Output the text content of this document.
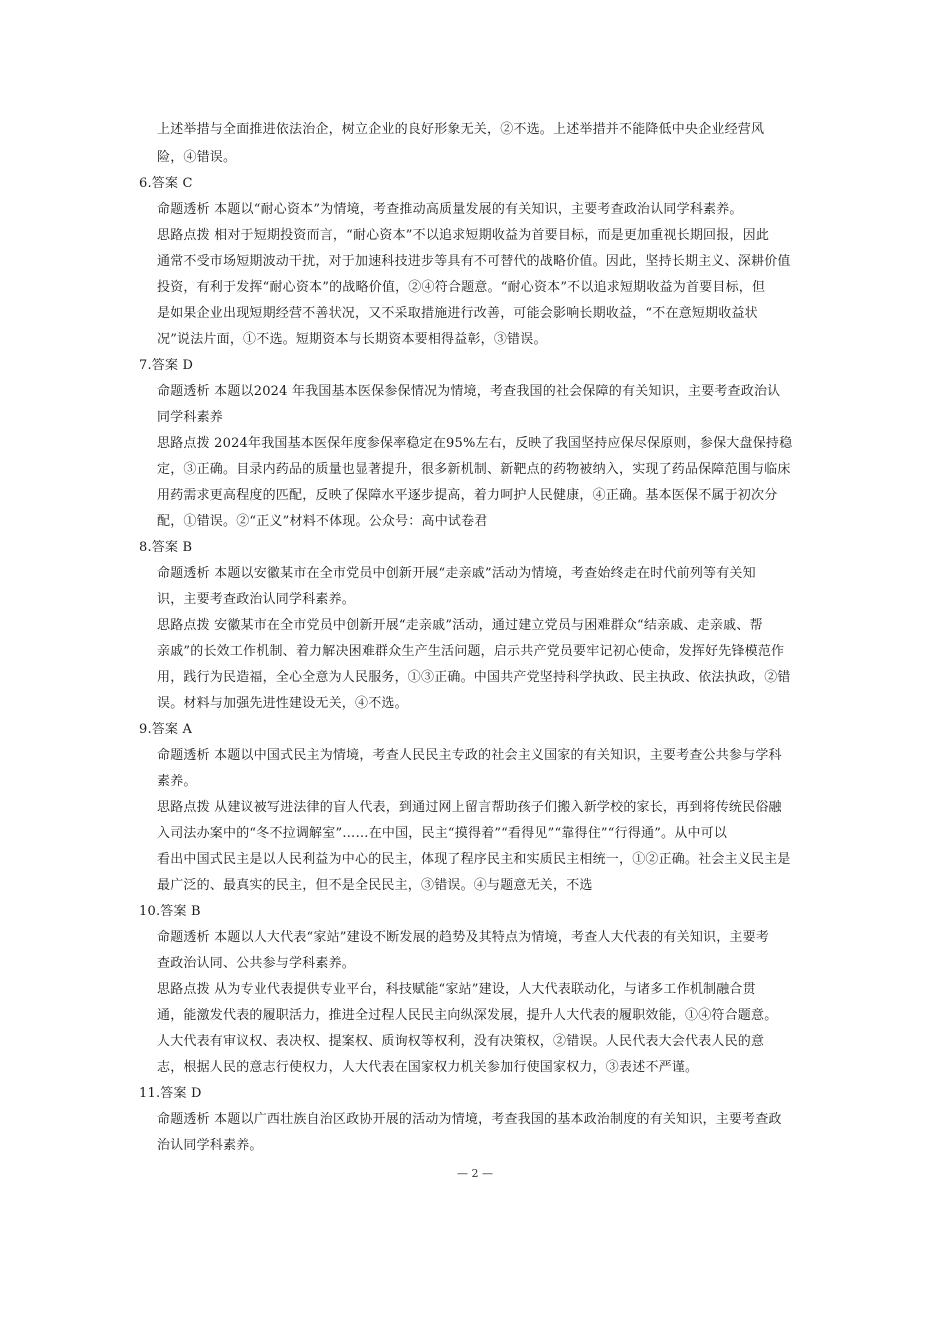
上述举措与全面推进依法治企，树立企业的良好形象无关，②不选。上述举措并不能降低中央企业经营风
险，④错误。
6.答案 C
命题透析 本题以“耐心资本”为情境，考查推动高质量发展的有关知识，主要考查政治认同学科素养。
思路点拨 相对于短期投资而言，“耐心资本”不以追求短期收益为首要目标，而是更加重视长期回报，因此
通常不受市场短期波动干扰，对于加速科技进步等具有不可替代的战略价值。因此，坚持长期主义、深耕价值
投资，有利于发挥“耐心资本”的战略价值，②④符合题意。“耐心资本”不以追求短期收益为首要目标，但
是如果企业出现短期经营不善状况，又不采取措施进行改善，可能会影响长期收益，“不在意短期收益状
况”说法片面，①不选。短期资本与长期资本要相得益彰，③错误。
7.答案 D
命题透析 本题以2024 年我国基本医保参保情况为情境，考查我国的社会保障的有关知识，主要考查政治认
同学科素养
思路点拨 2024年我国基本医保年度参保率稳定在95%左右，反映了我国坚持应保尽保原则，参保大盘保持稳
定，③正确。目录内药品的质量也显著提升，很多新机制、新靶点的药物被纳入，实现了药品保障范围与临床
用药需求更高程度的匹配，反映了保障水平逐步提高，着力呵护人民健康，④正确。基本医保不属于初次分
配，①错误。②“正义”材料不体现。公众号：高中试卷君
8.答案 B
命题透析 本题以安徽某市在全市党员中创新开展“走亲戚”活动为情境，考查始终走在时代前列等有关知
识，主要考查政治认同学科素养。
思路点拨 安徽某市在全市党员中创新开展“走亲戚”活动，通过建立党员与困难群众“结亲戚、走亲戚、帮
亲戚”的长效工作机制、着力解决困难群众生产生活问题，启示共产党员要牢记初心使命，发挥好先锋模范作
用，践行为民造福，全心全意为人民服务，①③正确。中国共产党坚持科学执政、民主执政、依法执政，②错
误。材料与加强先进性建设无关，④不选。
9.答案 A
命题透析 本题以中国式民主为情境，考查人民民主专政的社会主义国家的有关知识，主要考查公共参与学科
素养。
思路点拨 从建议被写进法律的盲人代表，到通过网上留言帮助孩子们搬入新学校的家长，再到将传统民俗融
入司法办案中的“冬不拉调解室”……在中国，民主“摸得着”“看得见”“靠得住”“行得通”。从中可以
看出中国式民主是以人民利益为中心的民主，体现了程序民主和实质民主相统一，①②正确。社会主义民主是
最广泛的、最真实的民主，但不是全民民主，③错误。④与题意无关，不选
10.答案 B
命题透析 本题以人大代表“家站”建设不断发展的趋势及其特点为情境，考查人大代表的有关知识，主要考
查政治认同、公共参与学科素养。
思路点拨 从为专业代表提供专业平台，科技赋能“家站”建设，人大代表联动化，与诸多工作机制融合贯
通，能激发代表的履职活力，推进全过程人民民主向纵深发展，提升人大代表的履职效能，①④符合题意。
人大代表有审议权、表决权、提案权、质询权等权利，没有决策权，②错误。人民代表大会代表人民的意
志，根据人民的意志行使权力，人大代表在国家权力机关参加行使国家权力，③表述不严谨。
11.答案 D
命题透析 本题以广西壮族自治区政协开展的活动为情境，考查我国的基本政治制度的有关知识，主要考查政
治认同学科素养。
— 2 —
